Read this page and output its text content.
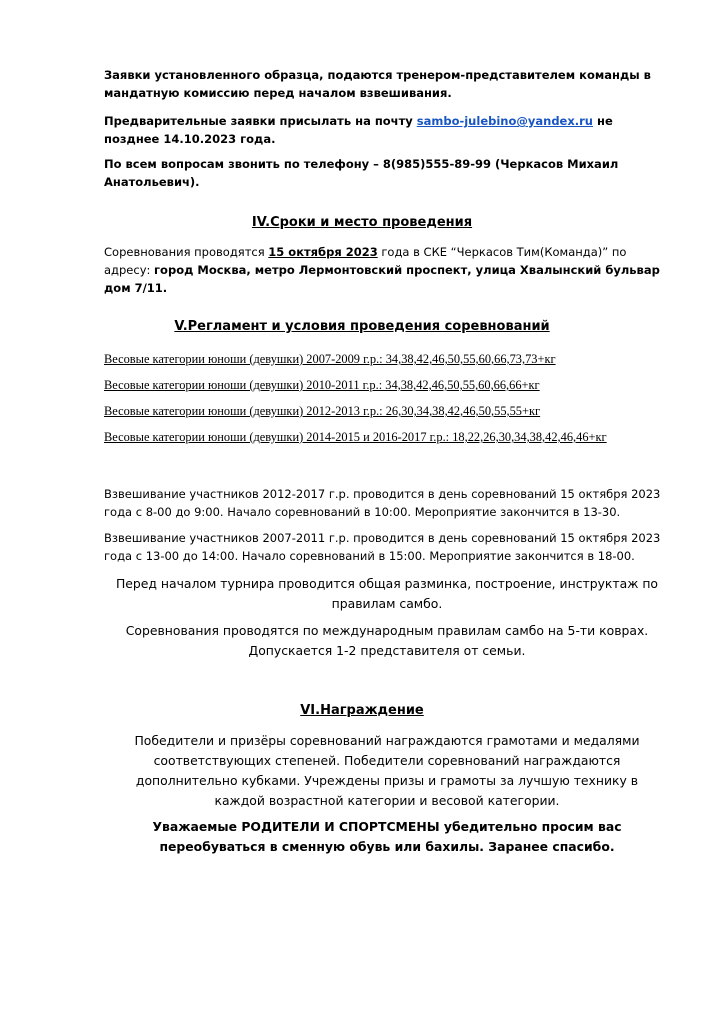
Заявки установленного образца, подаются тренером-представителем команды в мандатную комиссию перед началом взвешивания.

Предварительные заявки присылать на почту sambo-julebino@yandex.ru не позднее 14.10.2023 года.

По всем вопросам звонить по телефону – 8(985)555-89-99 (Черкасов Михаил Анатольевич).

IV.Сроки и место проведения

Соревнования проводятся 15 октября 2023 года в СКЕ “Черкасов Тим(Команда)” по адресу: город Москва, метро Лермонтовский проспект, улица Хвалынский бульвар дом 7/11.

V.Регламент и условия проведения соревнований

Весовые категории юноши (девушки) 2007-2009 г.р.: 34,38,42,46,50,55,60,66,73,73+кг

Весовые категории юноши (девушки) 2010-2011 г.р.: 34,38,42,46,50,55,60,66,66+кг

Весовые категории юноши (девушки) 2012-2013 г.р.: 26,30,34,38,42,46,50,55,55+кг

Весовые категории юноши (девушки) 2014-2015 и 2016-2017 г.р.: 18,22,26,30,34,38,42,46,46+кг

Взвешивание участников 2012-2017 г.р. проводится в день соревнований 15 октября 2023 года с 8-00 до 9:00. Начало соревнований в 10:00. Мероприятие закончится в 13-30.

Взвешивание участников 2007-2011 г.р. проводится в день соревнований 15 октября 2023 года с 13-00 до 14:00. Начало соревнований в 15:00. Мероприятие закончится в 18-00.

Перед началом турнира проводится общая разминка, построение, инструктаж по правилам самбо.

Соревнования проводятся по международным правилам самбо на 5-ти коврах. Допускается 1-2 представителя от семьи.

VI.Награждение

Победители и призёры соревнований награждаются грамотами и медалями соответствующих степеней. Победители соревнований награждаются дополнительно кубками. Учреждены призы и грамоты за лучшую технику в каждой возрастной категории и весовой категории.

Уважаемые РОДИТЕЛИ И СПОРТСМЕНЫ убедительно просим вас переобуваться в сменную обувь или бахилы. Заранее спасибо.
